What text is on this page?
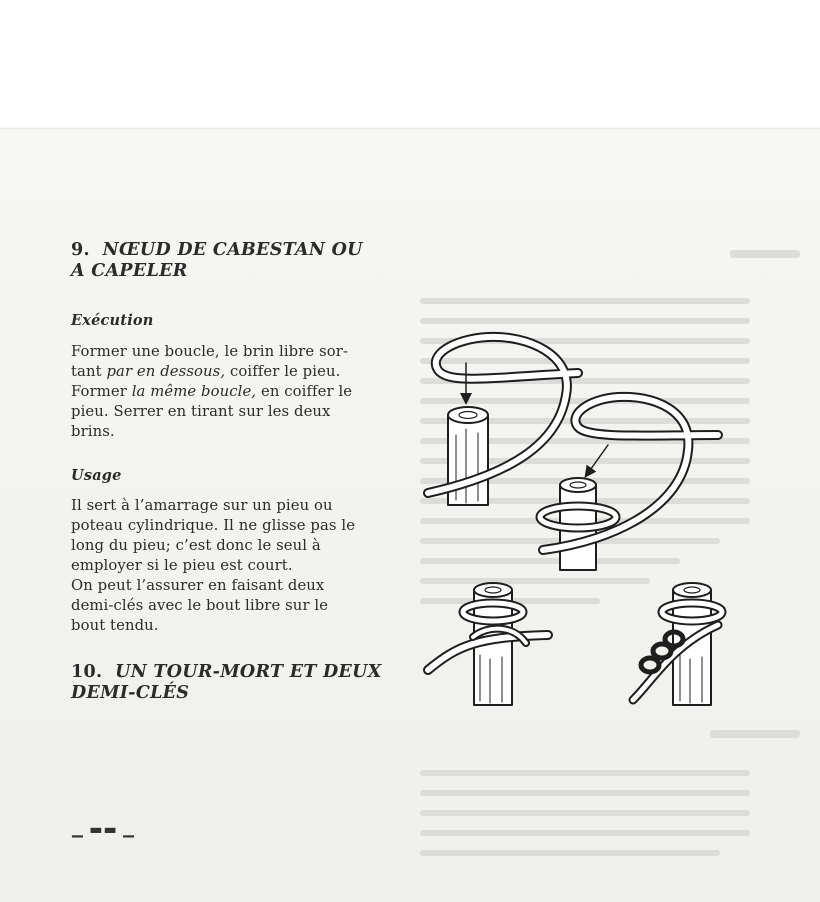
9. NŒUD DE CABESTAN OU
A CAPELER
Exécution

Former une boucle, le brin libre sor-

tant par en dessous, coiffer le pieu.

Former la même boucle, en coiffer le

pieu. Serrer en tirant sur les deux

brins.

Usage

Il sert à l’amarrage sur un pieu ou

poteau cylindrique. Il ne glisse pas le

long du pieu; c’est donc le seul à

employer si le pieu est court.

On peut l’assurer en faisant deux

demi-clés avec le bout libre sur le

bout tendu.

10. UN TOUR-MORT ET DEUX
DEMI-CLÉS
▁ ▬▬ ▁
